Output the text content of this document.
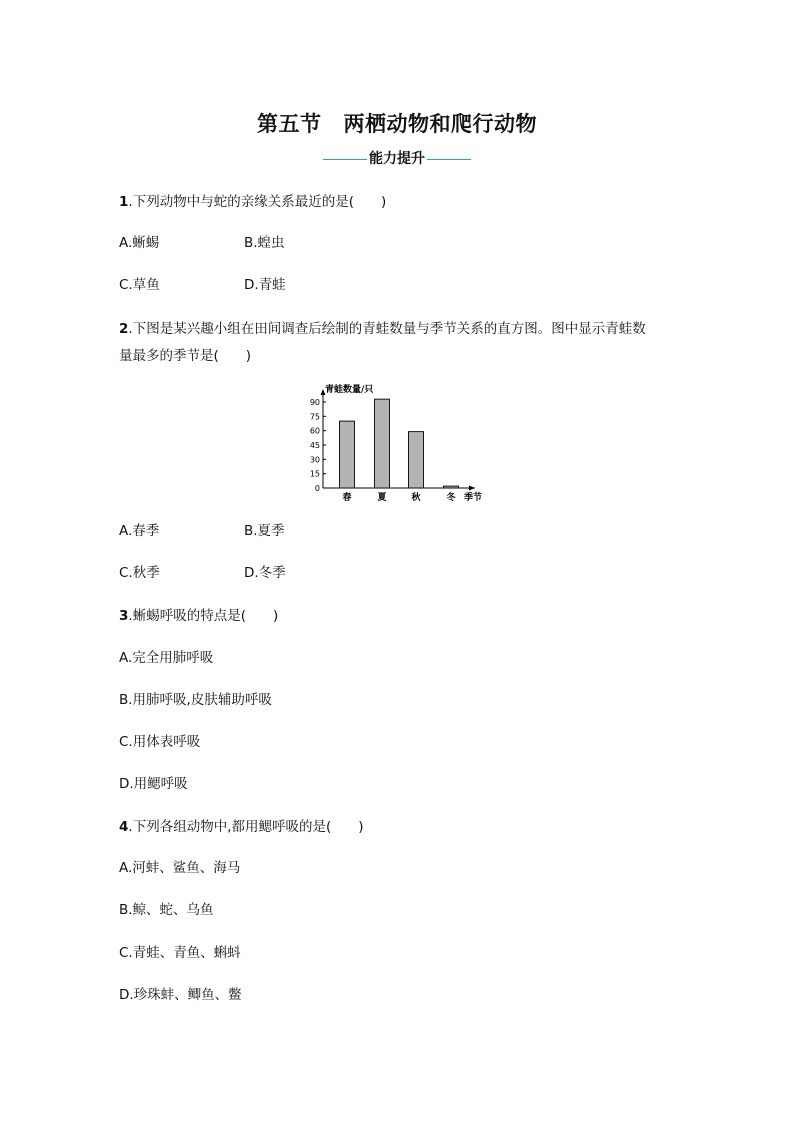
第五节 两栖动物和爬行动物
能力提升
1.下列动物中与蛇的亲缘关系最近的是(　　)
A.蜥蜴	B.蝗虫
C.草鱼	D.青蛙
2.下图是某兴趣小组在田间调查后绘制的青蛙数量与季节关系的直方图。图中显示青蛙数
量最多的季节是(　　)
青蛙数量/只
0
15
30
45
60
75
90
春	夏	秋	冬 季节
A.春季	B.夏季
C.秋季	D.冬季
3.蜥蜴呼吸的特点是(　　)
A.完全用肺呼吸
B.用肺呼吸,皮肤辅助呼吸
C.用体表呼吸
D.用鳃呼吸
4.下列各组动物中,都用鳃呼吸的是(　　)
A.河蚌、鲨鱼、海马
B.鲸、蛇、乌鱼
C.青蛙、青鱼、蝌蚪
D.珍珠蚌、鲫鱼、鳖
